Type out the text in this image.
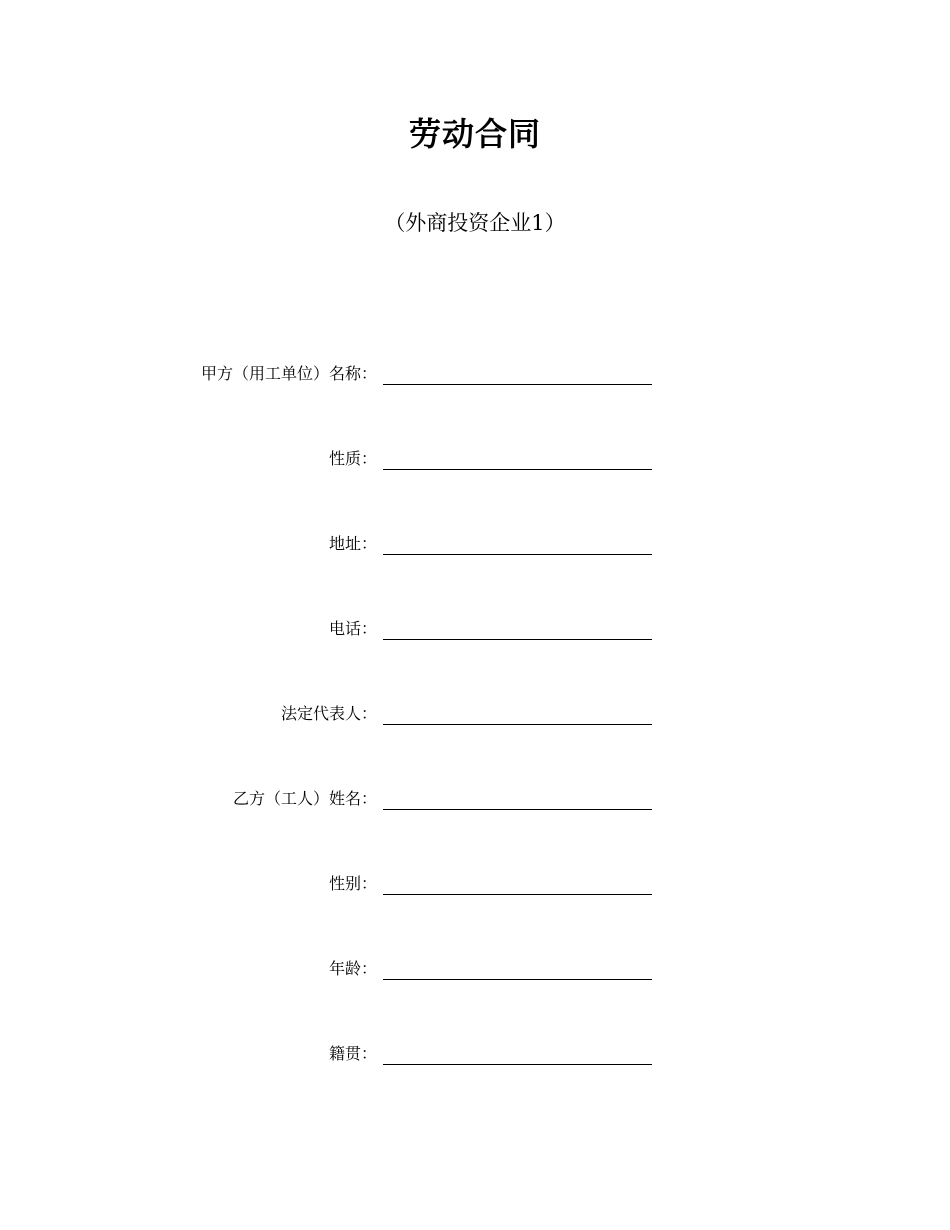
劳动合同
（外商投资企业1）
甲方（用工单位）名称：
性质：
地址：
电话：
法定代表人：
乙方（工人）姓名：
性别：
年龄：
籍贯：
